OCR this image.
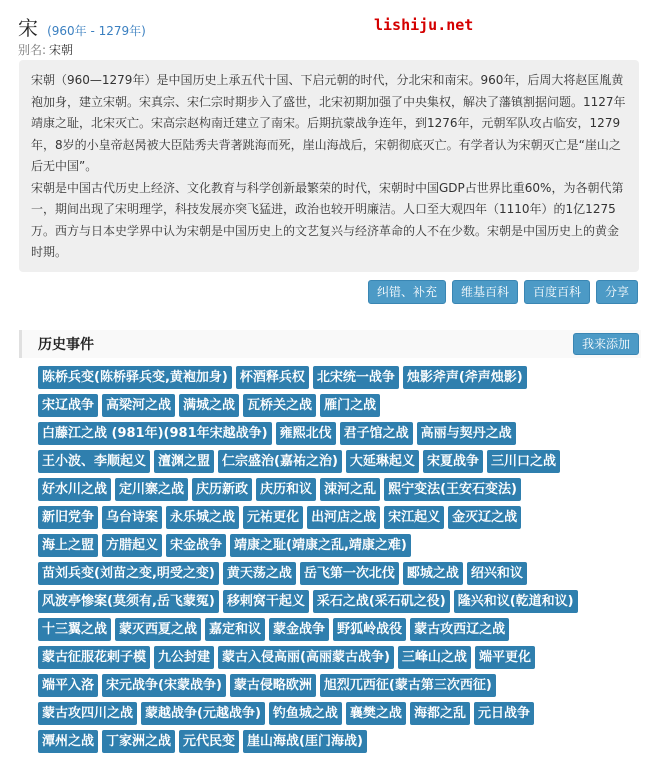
宋 (960年 - 1279年)	lishiju.net
别名: 宋朝

宋朝（960—1279年）是中国历史上承五代十国、下启元朝的时代，分北宋和南宋。960年，后周大将赵匡胤黄袍加身，建立宋朝。宋真宗、宋仁宗时期步入了盛世，北宋初期加强了中央集权，解决了藩镇割据问题。1127年靖康之耻，北宋灭亡。宋高宗赵构南迁建立了南宋。后期抗蒙战争连年，到1276年，元朝军队攻占临安，1279年，8岁的小皇帝赵昺被大臣陆秀夫背著跳海而死，崖山海战后，宋朝彻底灭亡。有学者认为宋朝灭亡是“崖山之后无中国”。

宋朝是中国古代历史上经济、文化教育与科学创新最繁荣的时代，宋朝时中国GDP占世界比重60%，为各朝代第一，期间出现了宋明理学，科技发展亦突飞猛进，政治也较开明廉洁。人口至大观四年（1110年）的1亿1275万。西方与日本史学界中认为宋朝是中国历史上的文艺复兴与经济革命的人不在少数。宋朝是中国历史上的黄金时期。

纠错、补充	维基百科	百度百科	分享
历史事件	我来添加
陈桥兵变(陈桥驿兵变,黄袍加身) 杯酒释兵权 北宋统一战争 烛影斧声(斧声烛影)
宋辽战争 高梁河之战 满城之战 瓦桥关之战 雁门之战
白藤江之战 (981年)(981年宋越战争) 雍熙北伐 君子馆之战 高丽与契丹之战
王小波、李顺起义 澶渊之盟 仁宗盛治(嘉祐之治) 大延琳起义 宋夏战争 三川口之战
好水川之战 定川寨之战 庆历新政 庆历和议 涑河之乱 熙宁变法(王安石变法)
新旧党争 乌台诗案 永乐城之战 元祐更化 出河店之战 宋江起义 金灭辽之战
海上之盟 方腊起义 宋金战争 靖康之耻(靖康之乱,靖康之难)
苗刘兵变(刘苗之变,明受之变) 黄天荡之战 岳飞第一次北伐 郾城之战 绍兴和议
风波亭惨案(莫须有,岳飞蒙冤) 移剌窝干起义 采石之战(采石矶之役) 隆兴和议(乾道和议)
十三翼之战 蒙灭西夏之战 嘉定和议 蒙金战争 野狐岭战役 蒙古攻西辽之战
蒙古征服花剌子模 九公封建 蒙古入侵高丽(高丽蒙古战争) 三峰山之战 端平更化
端平入洛 宋元战争(宋蒙战争) 蒙古侵略欧洲 旭烈兀西征(蒙古第三次西征)
蒙古攻四川之战 蒙越战争(元越战争) 钓鱼城之战 襄樊之战 海都之乱 元日战争
潭州之战 丁家洲之战 元代民变 崖山海战(厓门海战)
